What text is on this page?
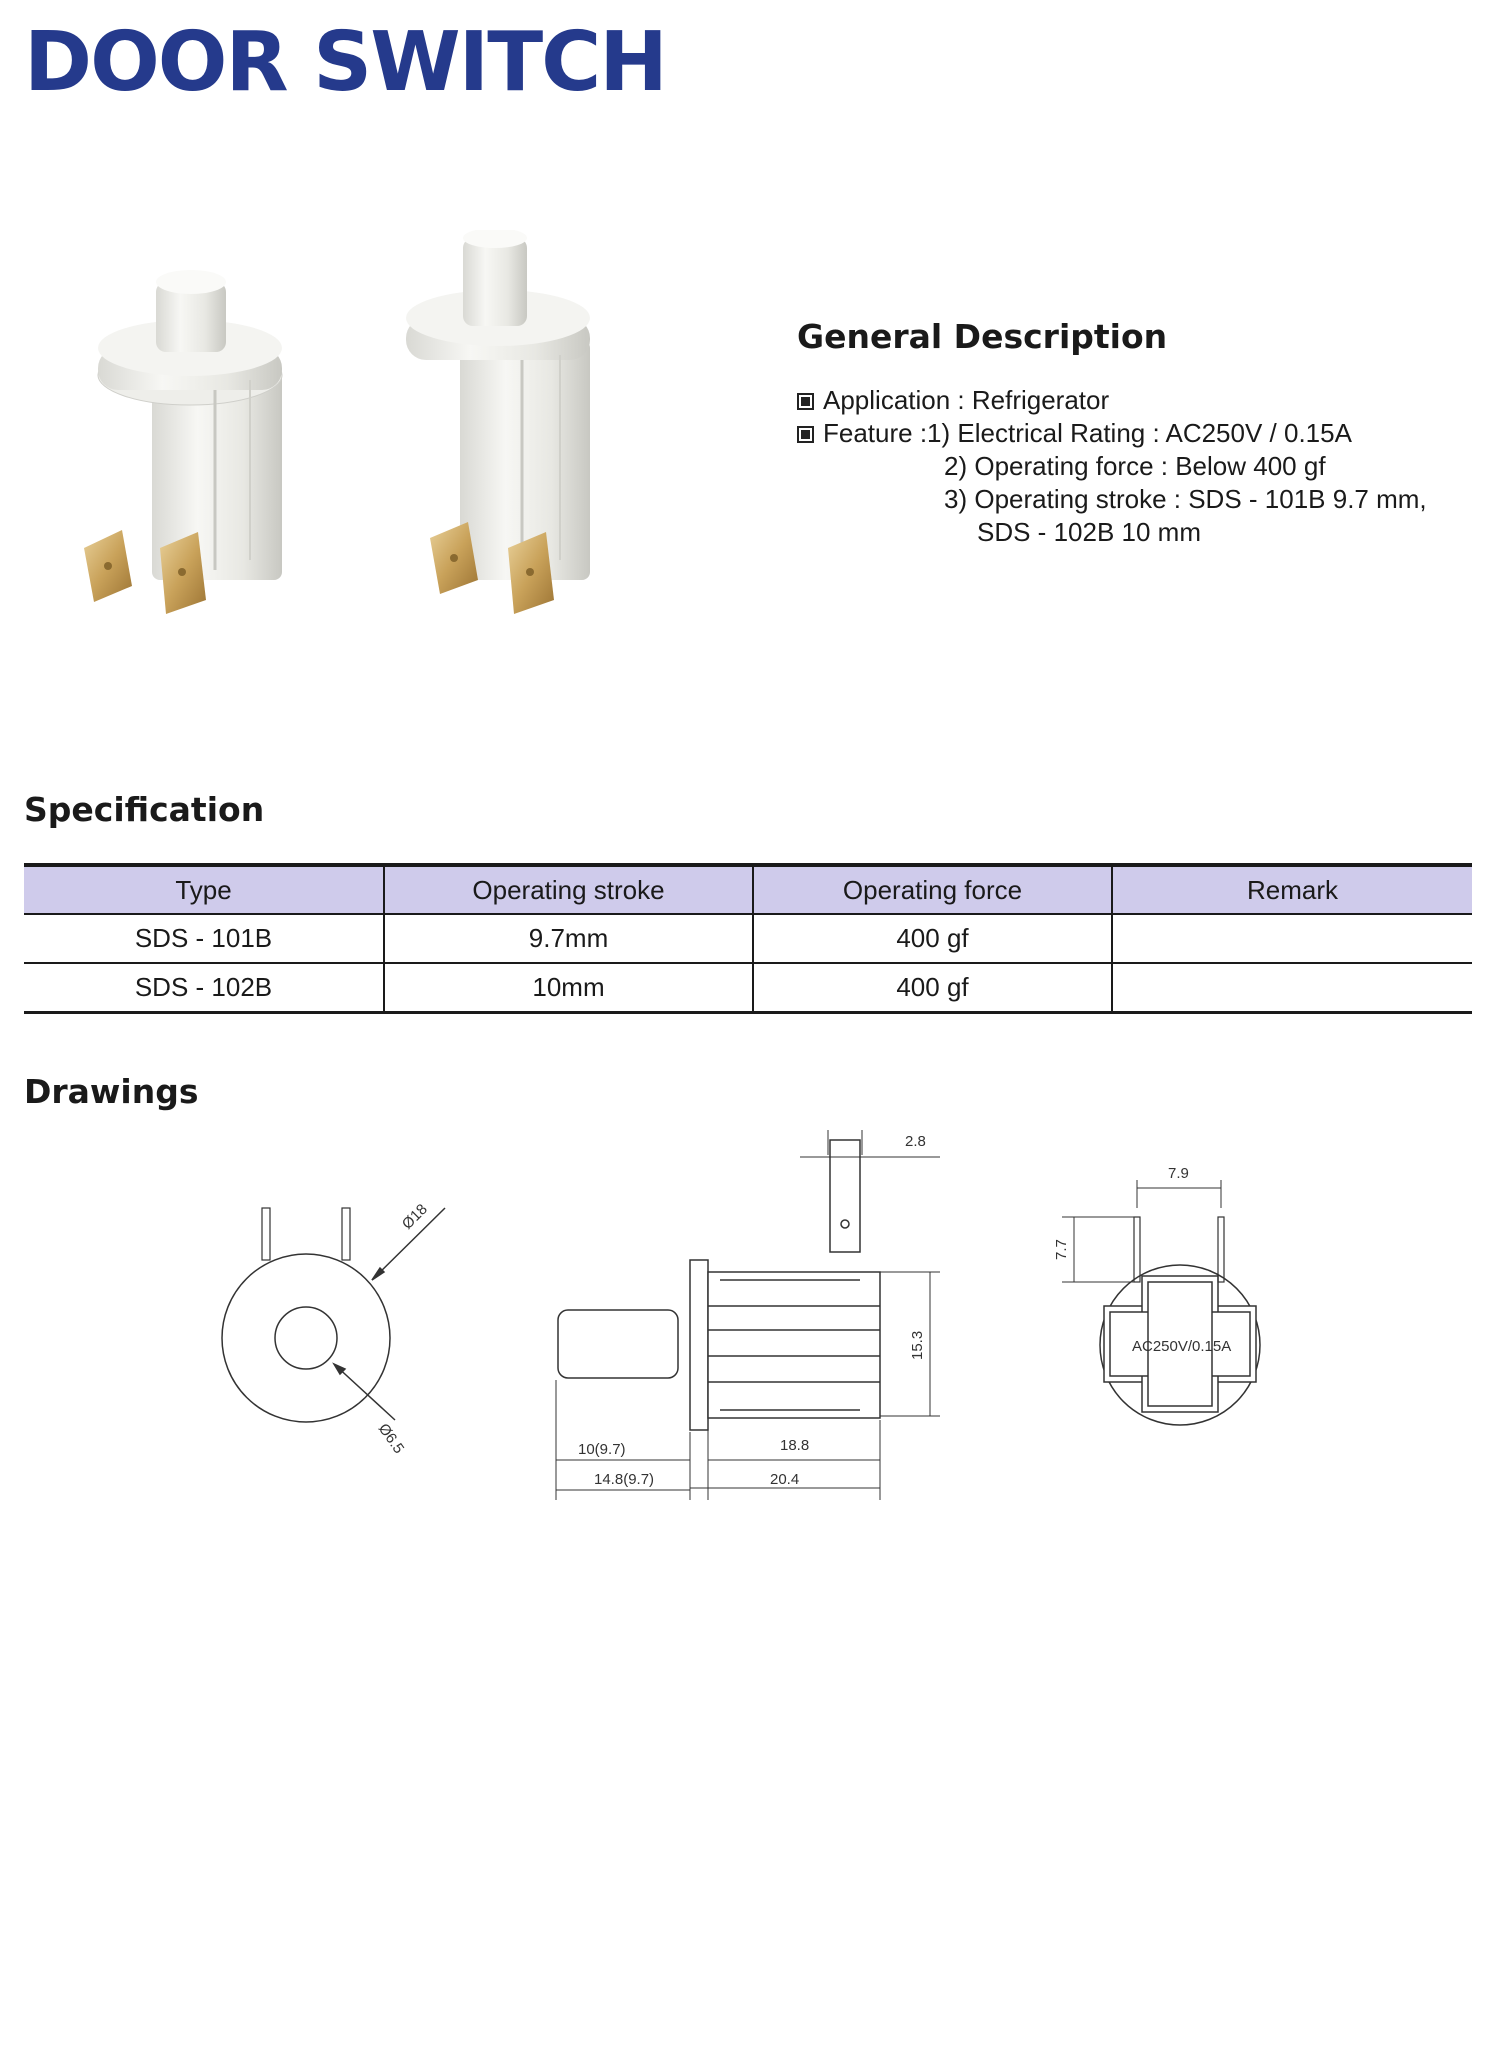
DOOR SWITCH
General Description
Application : Refrigerator
Feature :1) Electrical Rating : AC250V / 0.15A
2) Operating force : Below 400 gf
3) Operating stroke : SDS - 101B 9.7 mm,
SDS - 102B 10 mm
Specification
Type	Operating stroke	Operating force	Remark
SDS - 101B	9.7mm	400 gf	
SDS - 102B	10mm	400 gf	
Drawings
Ø18
Ø6.5
2.8
15.3
10(9.7)	18.8
14.8(9.7)	20.4
7.9
7.7
AC250V/0.15A
